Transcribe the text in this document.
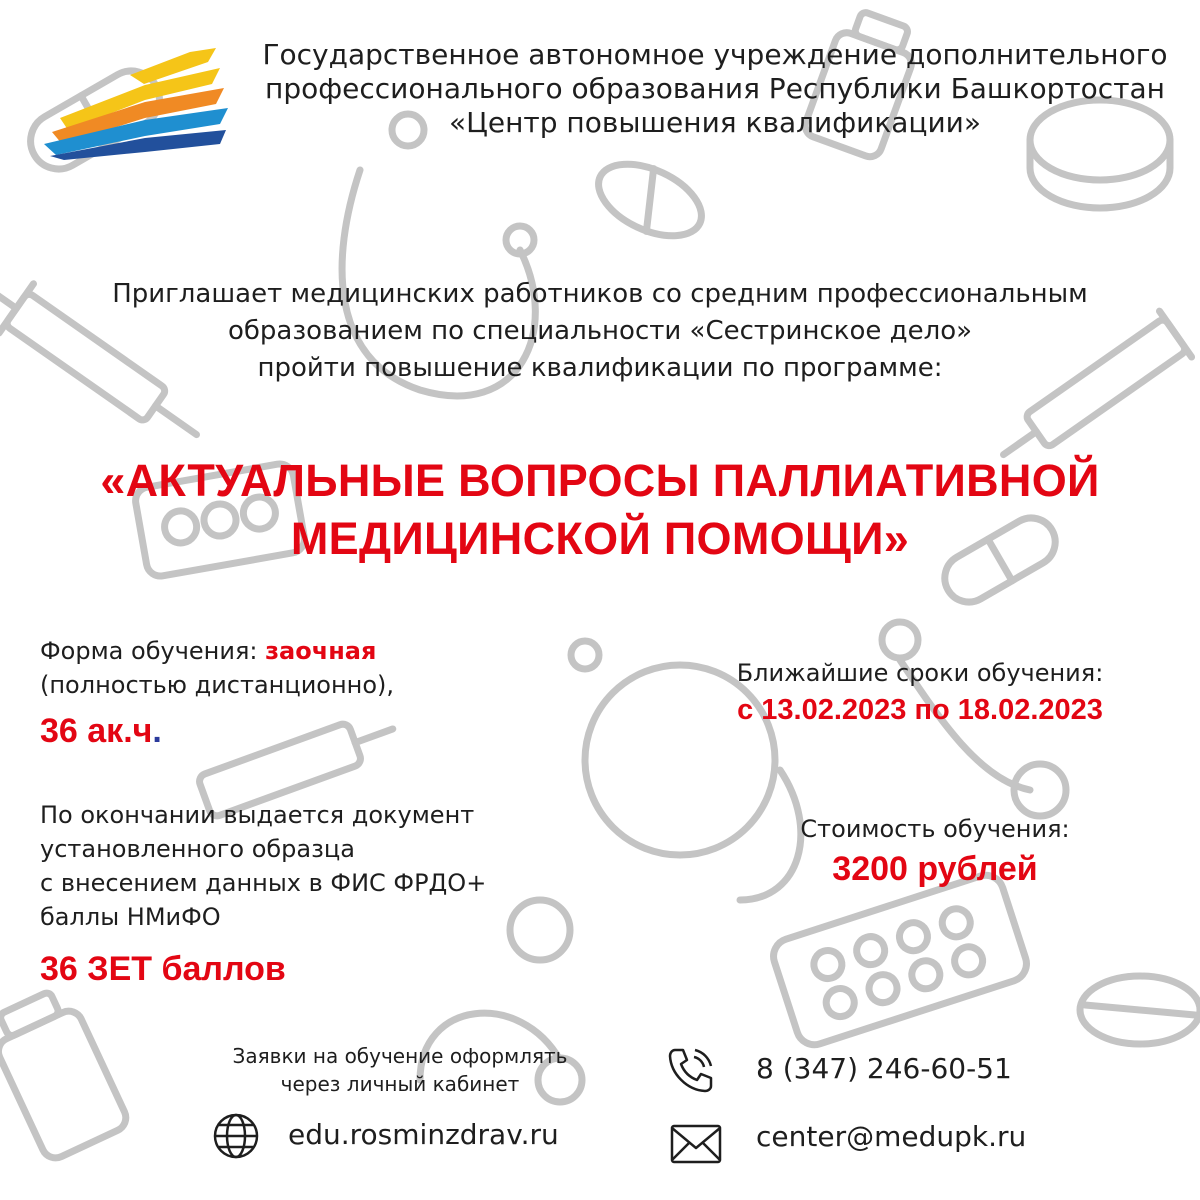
Государственное автономное учреждение дополнительного
профессионального образования Республики Башкортостан
«Центр повышения квалификации»
Приглашает медицинских работников со средним профессиональным
образованием по специальности «Сестринское дело»
пройти повышение квалификации по программе:
«АКТУАЛЬНЫЕ ВОПРОСЫ ПАЛЛИАТИВНОЙ
МЕДИЦИНСКОЙ ПОМОЩИ»
Форма обучения: заочная
(полностью дистанционно),
36 ак.ч.
Ближайшие сроки обучения:
с 13.02.2023 по 18.02.2023
По окончании выдается документ
установленного образца
с внесением данных в ФИС ФРДО+
баллы НМиФО
36 ЗЕТ баллов
Стоимость обучения:
3200 рублей
Заявки на обучение оформлять
через личный кабинет
edu.rosminzdrav.ru
8 (347) 246-60-51
center@medupk.ru
